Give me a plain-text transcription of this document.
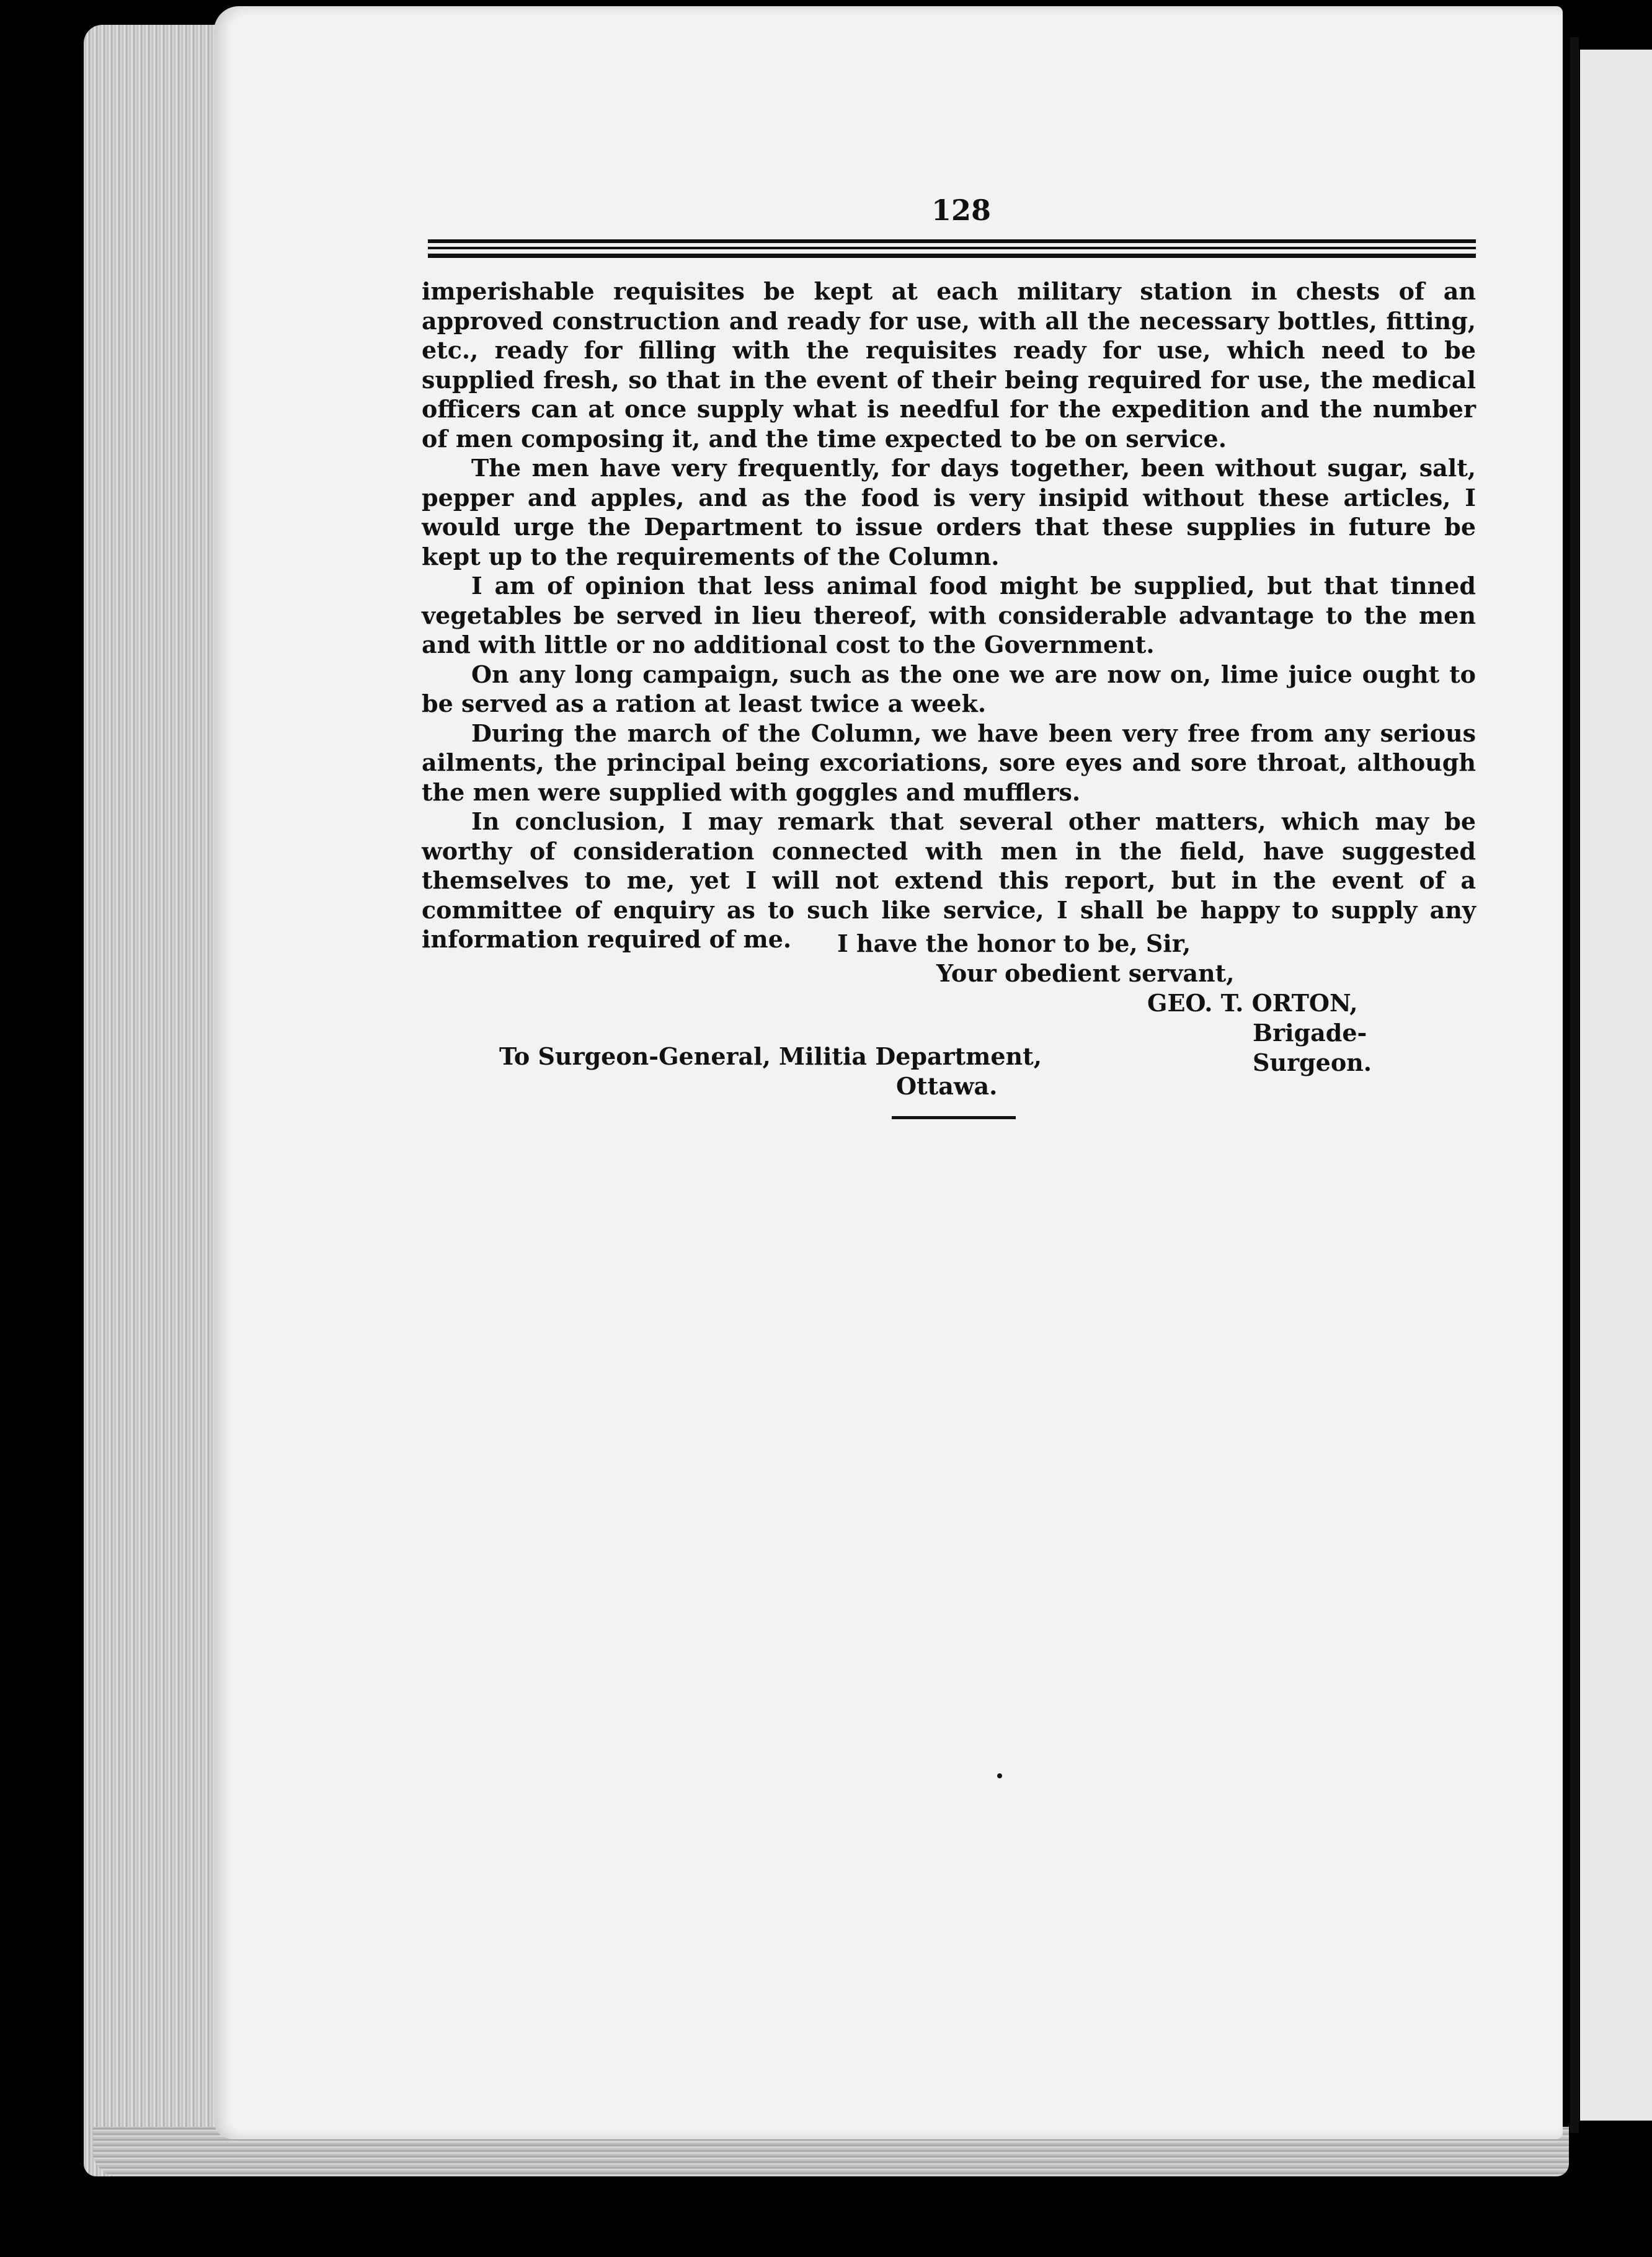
128

imperishable requisites be kept at each military station in chests of an approved construction and ready for use, with all the necessary bottles, fitting, etc., ready for filling with the requisites ready for use, which need to be supplied fresh, so that in the event of their being required for use, the medical officers can at once supply what is needful for the expedition and the number of men composing it, and the time expected to be on service.

The men have very frequently, for days together, been without sugar, salt, pepper and apples, and as the food is very insipid without these articles, I would urge the Department to issue orders that these supplies in future be kept up to the requirements of the Column.

I am of opinion that less animal food might be supplied, but that tinned vegetables be served in lieu thereof, with considerable advantage to the men and with little or no additional cost to the Government.

On any long campaign, such as the one we are now on, lime juice ought to be served as a ration at least twice a week.

During the march of the Column, we have been very free from any serious ailments, the principal being excoriations, sore eyes and sore throat, although the men were supplied with goggles and mufflers.

In conclusion, I may remark that several other matters, which may be worthy of consideration connected with men in the field, have suggested themselves to me, yet I will not extend this report, but in the event of a committee of enquiry as to such like service, I shall be happy to supply any information required of me.	I have the honor to be, Sir,
Your obedient servant,
GEO. T. ORTON,
Brigade-Surgeon.
To Surgeon-General, Militia Department,
Ottawa.
